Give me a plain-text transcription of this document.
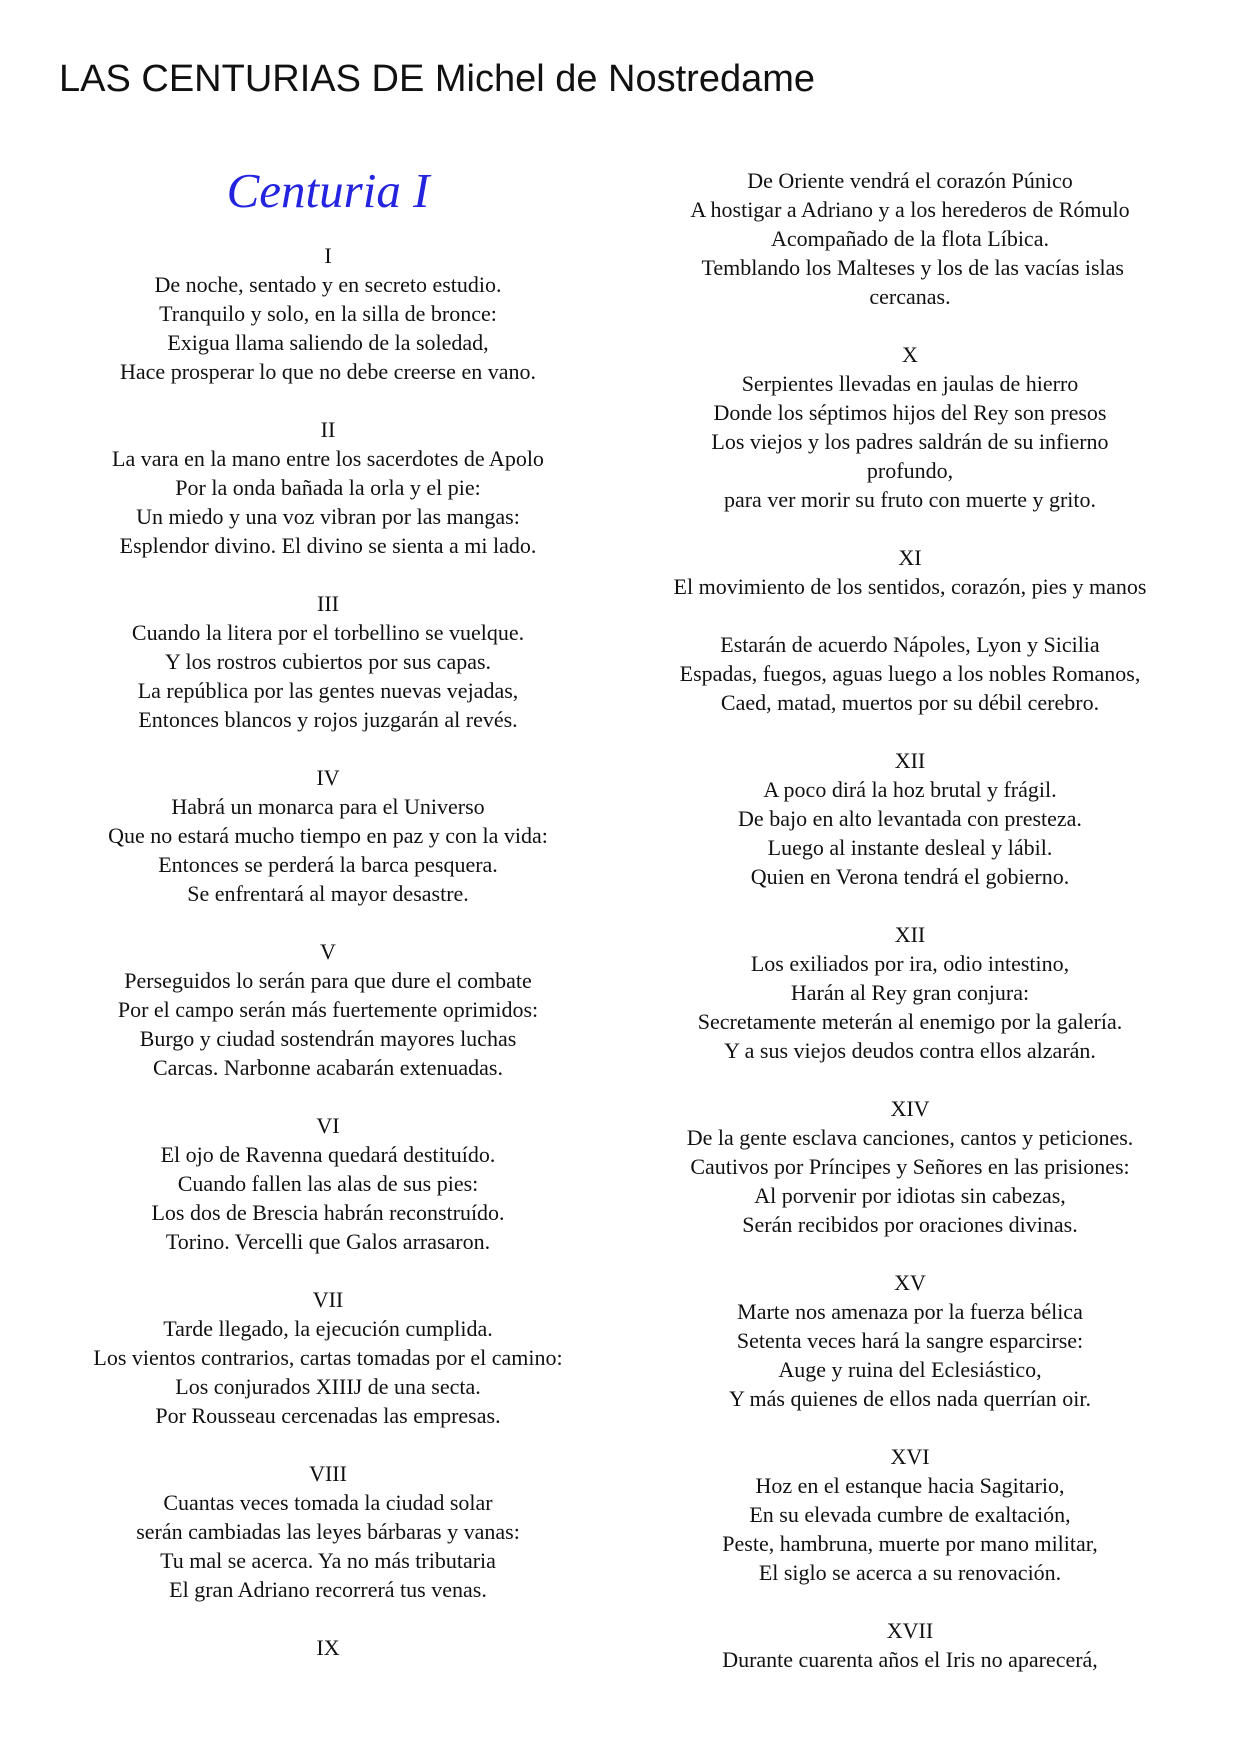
LAS CENTURIAS DE Michel de Nostredame
Centuria I
I
De noche, sentado y en secreto estudio.
Tranquilo y solo, en la silla de bronce:
Exigua llama saliendo de la soledad,
Hace prosperar lo que no debe creerse en vano.
II
La vara en la mano entre los sacerdotes de Apolo
Por la onda bañada la orla y el pie:
Un miedo y una voz vibran por las mangas:
Esplendor divino. El divino se sienta a mi lado.
III
Cuando la litera por el torbellino se vuelque.
Y los rostros cubiertos por sus capas.
La república por las gentes nuevas vejadas,
Entonces blancos y rojos juzgarán al revés.
IV
Habrá un monarca para el Universo
Que no estará mucho tiempo en paz y con la vida:
Entonces se perderá la barca pesquera.
Se enfrentará al mayor desastre.
V
Perseguidos lo serán para que dure el combate
Por el campo serán más fuertemente oprimidos:
Burgo y ciudad sostendrán mayores luchas
Carcas. Narbonne acabarán extenuadas.
VI
El ojo de Ravenna quedará destituído.
Cuando fallen las alas de sus pies:
Los dos de Brescia habrán reconstruído.
Torino. Vercelli que Galos arrasaron.
VII
Tarde llegado, la ejecución cumplida.
Los vientos contrarios, cartas tomadas por el camino:
Los conjurados XIIIJ de una secta.
Por Rousseau cercenadas las empresas.
VIII
Cuantas veces tomada la ciudad solar
serán cambiadas las leyes bárbaras y vanas:
Tu mal se acerca. Ya no más tributaria
El gran Adriano recorrerá tus venas.
IX
De Oriente vendrá el corazón Púnico
A hostigar a Adriano y a los herederos de Rómulo
Acompañado de la flota Líbica.
Temblando los Malteses y los de las vacías islas
cercanas.
X
Serpientes llevadas en jaulas de hierro
Donde los séptimos hijos del Rey son presos
Los viejos y los padres saldrán de su infierno
profundo,
para ver morir su fruto con muerte y grito.
XI
El movimiento de los sentidos, corazón, pies y manos

Estarán de acuerdo Nápoles, Lyon y Sicilia
Espadas, fuegos, aguas luego a los nobles Romanos,
Caed, matad, muertos por su débil cerebro.
XII
A poco dirá la hoz brutal y frágil.
De bajo en alto levantada con presteza.
Luego al instante desleal y lábil.
Quien en Verona tendrá el gobierno.
XII
Los exiliados por ira, odio intestino,
Harán al Rey gran conjura:
Secretamente meterán al enemigo por la galería.
Y a sus viejos deudos contra ellos alzarán.
XIV
De la gente esclava canciones, cantos y peticiones.
Cautivos por Príncipes y Señores en las prisiones:
Al porvenir por idiotas sin cabezas,
Serán recibidos por oraciones divinas.
XV
Marte nos amenaza por la fuerza bélica
Setenta veces hará la sangre esparcirse:
Auge y ruina del Eclesiástico,
Y más quienes de ellos nada querrían oir.
XVI
Hoz en el estanque hacia Sagitario,
En su elevada cumbre de exaltación,
Peste, hambruna, muerte por mano militar,
El siglo se acerca a su renovación.
XVII
Durante cuarenta años el Iris no aparecerá,
